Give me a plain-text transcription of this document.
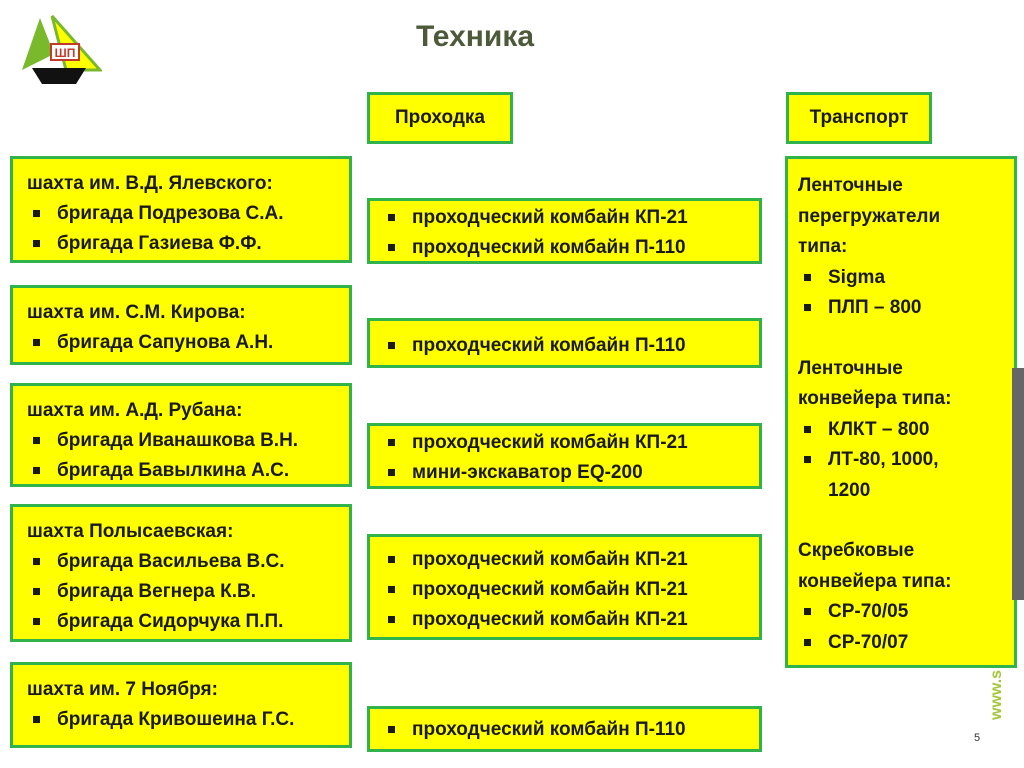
ШП	Техника
Проходка	Транспорт
шахта им. В.Д. Ялевского:
бригада Подрезова С.А.
бригада Газиева Ф.Ф.
шахта им. С.М. Кирова:
бригада Сапунова А.Н.
шахта им. А.Д. Рубана:
бригада Иванашкова В.Н.
бригада Бавылкина А.С.
шахта Полысаевская:
бригада Васильева В.С.
бригада Вегнера К.В.
бригада Сидорчука П.П.
шахта им. 7 Ноября:
бригада Кривошеина Г.С.
проходческий комбайн КП-21
проходческий комбайн П-110
проходческий комбайн П-110
проходческий комбайн КП-21
мини-экскаватор EQ-200
проходческий комбайн КП-21
проходческий комбайн КП-21
проходческий комбайн КП-21
проходческий комбайн П-110
Ленточные
перегружатели
типа:
Sigma
ПЛП – 800
Ленточные
конвейера типа:
КЛКТ – 800
ЛТ-80, 1000,
1200
Скребковые
конвейера типа:
СР-70/05
СР-70/07
www.s
5
